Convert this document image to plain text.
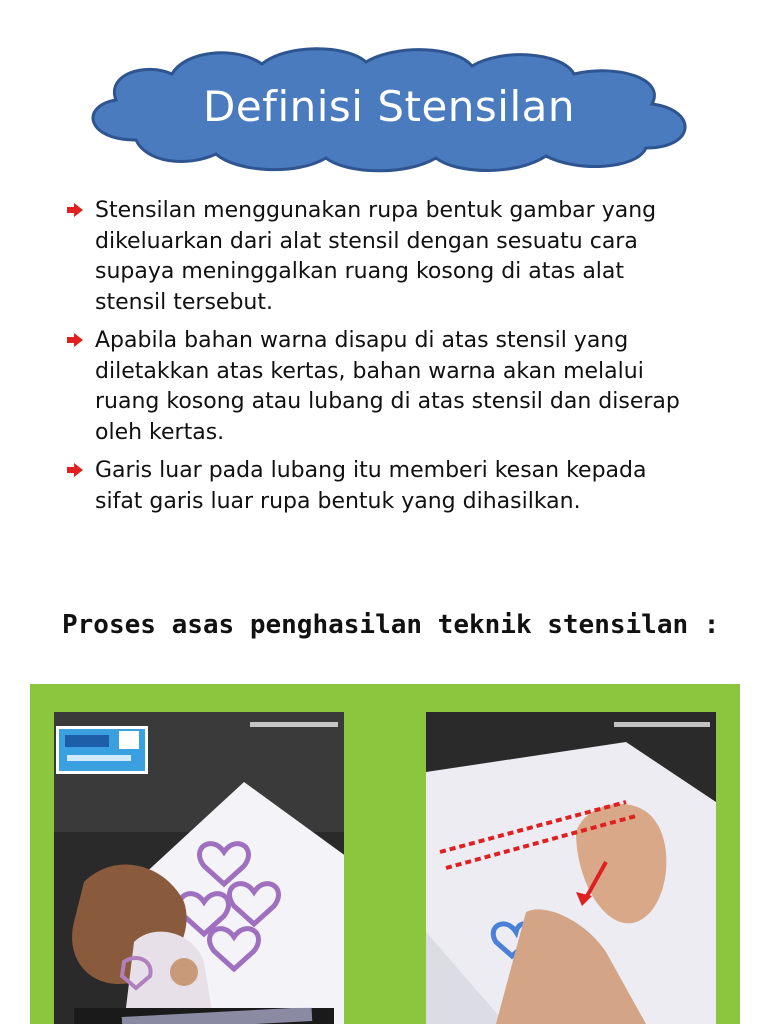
Definisi Stensilan
Stensilan menggunakan rupa bentuk gambar yang
dikeluarkan dari alat stensil dengan sesuatu cara
supaya meninggalkan ruang kosong di atas alat
stensil tersebut.
Apabila bahan warna disapu di atas stensil yang
diletakkan atas kertas, bahan warna akan melalui
ruang kosong atau lubang di atas stensil dan diserap
oleh kertas.
Garis luar pada lubang itu memberi kesan kepada
sifat garis luar rupa bentuk yang dihasilkan.
Proses asas penghasilan teknik stensilan :
